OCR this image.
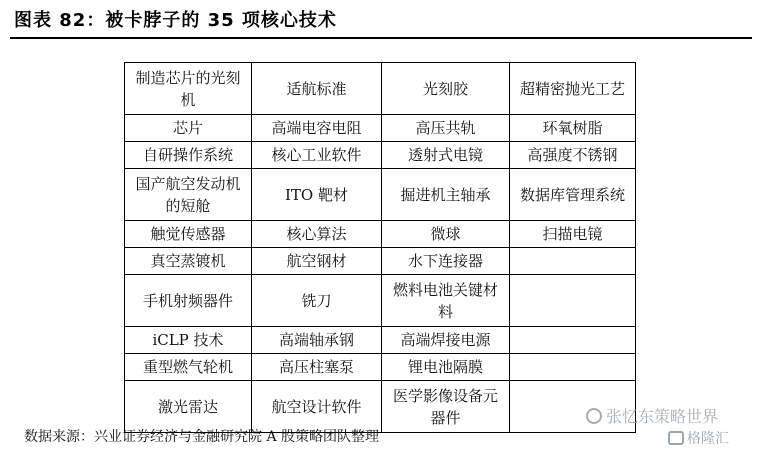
图表 82：被卡脖子的 35 项核心技术
制造芯片的光刻机	适航标准	光刻胶	超精密抛光工艺
芯片	高端电容电阻	高压共轨	环氧树脂
自研操作系统	核心工业软件	透射式电镜	高强度不锈钢
国产航空发动机的短舱	ITO 靶材	掘进机主轴承	数据库管理系统
触觉传感器	核心算法	微球	扫描电镜
真空蒸镀机	航空钢材	水下连接器	
手机射频器件	铣刀	燃料电池关键材料	
iCLP 技术	高端轴承钢	高端焊接电源	
重型燃气轮机	高压柱塞泵	锂电池隔膜	
激光雷达	航空设计软件	医学影像设备元器件		张忆东策略世界
数据来源：兴业证券经济与金融研究院 A 股策略团队整理	格隆汇
